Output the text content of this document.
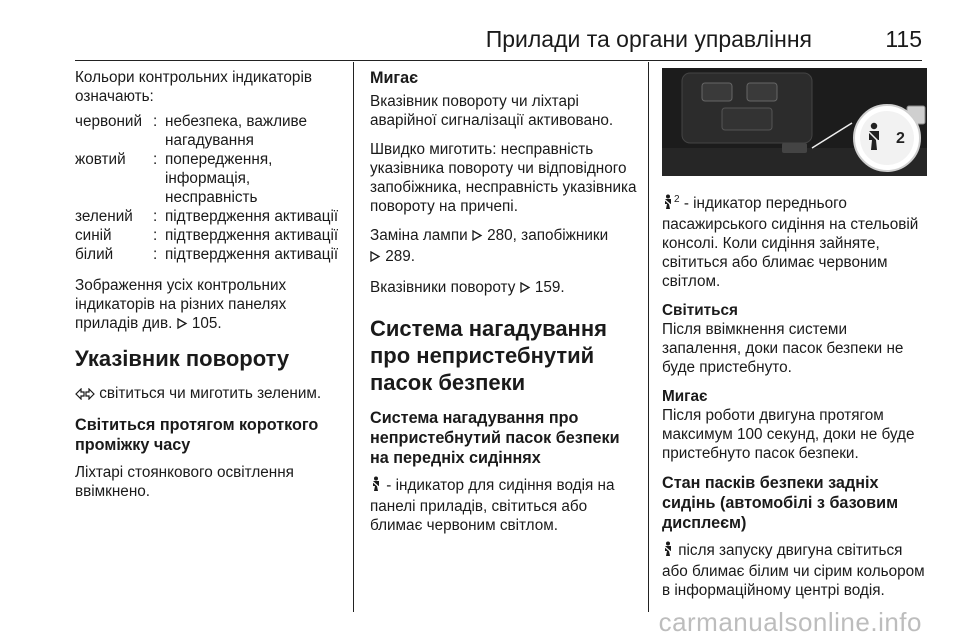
Прилади та органи управління	115

Кольори контрольних індикаторів означають:

червоний : небезпека, важливе нагадування
жовтий	: попередження, інформація, несправність
зелений	: підтвердження активації
синій	: підтвердження активації
білий	: підтвердження активації

Зображення усіх контрольних індикаторів на різних панелях приладів див. 105.

Указівник повороту

світиться чи миготить зеленим.

Світиться протягом короткого проміжку часу

Ліхтарі стоянкового освітлення ввімкнено.

Мигає

Вказівник повороту чи ліхтарі аварійної сигналізації активовано.

Швидко миготить: несправність указівника повороту чи відповідного запобіжника, несправність указівника повороту на причепі.

Заміна лампи 280, запобіжники
289.

Вказівники повороту 159.

Система нагадування про непристебнутий пасок безпеки
Система нагадування про непристебнутий пасок безпеки на передніх сидіннях

- індикатор для сидіння водія на панелі приладів, світиться або блимає червоним світлом.

2

$^2$ - індикатор переднього пасажирського сидіння на стельовій консолі. Коли сидіння зайняте, світиться або блимає червоним світлом.

Світиться

Після ввімкнення системи запалення, доки пасок безпеки не буде пристебнуто.

Мигає

Після роботи двигуна протягом максимум 100 секунд, доки не буде пристебнуто пасок безпеки.

Стан пасків безпеки задніх сидінь (автомобілі з базовим дисплеєм)

після запуску двигуна світиться або блимає білим чи сірим кольором в інформаційному центрі водія.

carmanualsonline.info
